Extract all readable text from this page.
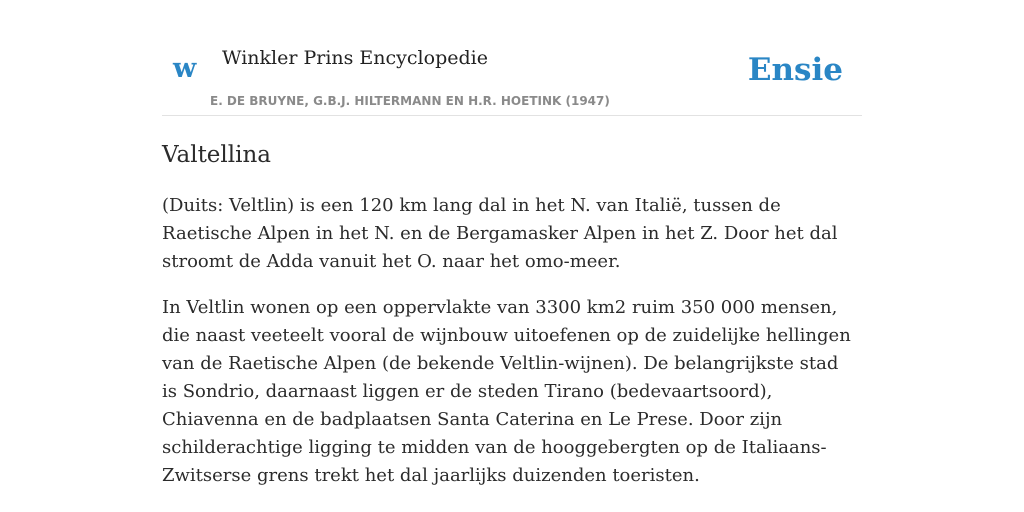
w Winkler Prins Encyclopedie
E. DE BRUYNE, G.B.J. HILTERMANN EN H.R. HOETINK (1947)
Ensie
Valtellina

(Duits: Veltlin) is een 120 km lang dal in het N. van Italië, tussen de Raetische Alpen in het N. en de Bergamasker Alpen in het Z. Door het dal stroomt de Adda vanuit het O. naar het omo-meer.

In Veltlin wonen op een oppervlakte van 3300 km2 ruim 350 000 mensen, die naast veeteelt vooral de wijnbouw uitoefenen op de zuidelijke hellingen van de Raetische Alpen (de bekende Veltlin-wijnen). De belangrijkste stad is Sondrio, daarnaast liggen er de steden Tirano (bedevaartsoord), Chiavenna en de badplaatsen Santa Caterina en Le Prese. Door zijn schilderachtige ligging te midden van de hooggebergten op de Italiaans-Zwitserse grens trekt het dal jaarlijks duizenden toeristen.
